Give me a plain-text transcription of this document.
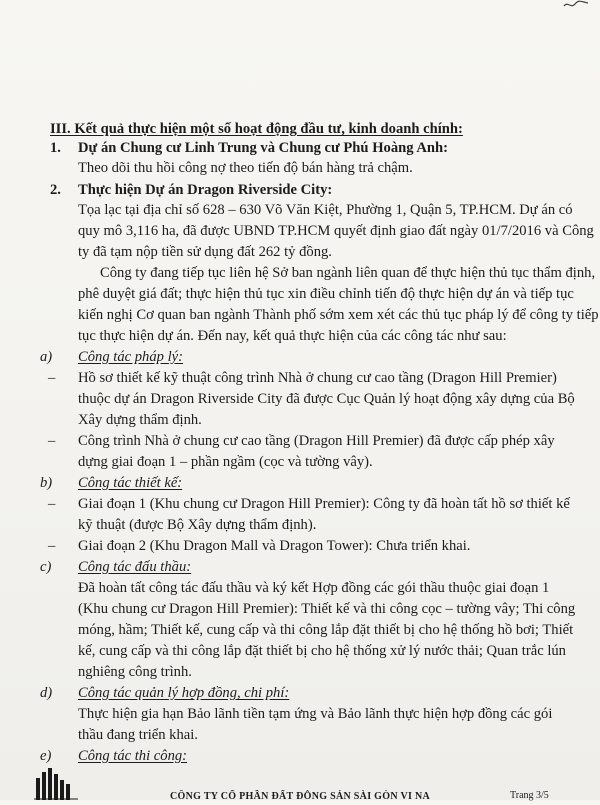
III. Kết quả thực hiện một số hoạt động đầu tư, kinh doanh chính:
1. Dự án Chung cư Linh Trung và Chung cư Phú Hoàng Anh:
Theo dõi thu hồi công nợ theo tiến độ bán hàng trả chậm.
2. Thực hiện Dự án Dragon Riverside City:
Tọa lạc tại địa chỉ số 628 – 630 Võ Văn Kiệt, Phường 1, Quận 5, TP.HCM. Dự án có
quy mô 3,116 ha, đã được UBND TP.HCM quyết định giao đất ngày 01/7/2016 và Công
ty đã tạm nộp tiền sử dụng đất 262 tỷ đồng.
Công ty đang tiếp tục liên hệ Sở ban ngành liên quan để thực hiện thủ tục thẩm định,
phê duyệt giá đất; thực hiện thủ tục xin điều chỉnh tiến độ thực hiện dự án và tiếp tục
kiến nghị Cơ quan ban ngành Thành phố sớm xem xét các thủ tục pháp lý để công ty tiếp
tục thực hiện dự án. Đến nay, kết quả thực hiện của các công tác như sau:
a) Công tác pháp lý:
– Hồ sơ thiết kế kỹ thuật công trình Nhà ở chung cư cao tầng (Dragon Hill Premier)
thuộc dự án Dragon Riverside City đã được Cục Quản lý hoạt động xây dựng của Bộ
Xây dựng thẩm định.
– Công trình Nhà ở chung cư cao tầng (Dragon Hill Premier) đã được cấp phép xây
dựng giai đoạn 1 – phần ngầm (cọc và tường vây).
b) Công tác thiết kế:
– Giai đoạn 1 (Khu chung cư Dragon Hill Premier): Công ty đã hoàn tất hồ sơ thiết kế
kỹ thuật (được Bộ Xây dựng thẩm định).
– Giai đoạn 2 (Khu Dragon Mall và Dragon Tower): Chưa triển khai.
c) Công tác đấu thầu:
Đã hoàn tất công tác đấu thầu và ký kết Hợp đồng các gói thầu thuộc giai đoạn 1
(Khu chung cư Dragon Hill Premier): Thiết kế và thi công cọc – tường vây; Thi công
móng, hầm; Thiết kế, cung cấp và thi công lắp đặt thiết bị cho hệ thống hồ bơi; Thiết
kế, cung cấp và thi công lắp đặt thiết bị cho hệ thống xử lý nước thải; Quan trắc lún
nghiêng công trình.
d) Công tác quản lý hợp đồng, chi phí:
Thực hiện gia hạn Bảo lãnh tiền tạm ứng và Bảo lãnh thực hiện hợp đồng các gói
thầu đang triển khai.
e) Công tác thi công:
CÔNG TY CỔ PHẦN ĐẤT ĐỘNG SẢN SÀI GÒN VI NA	Trang 3/5
